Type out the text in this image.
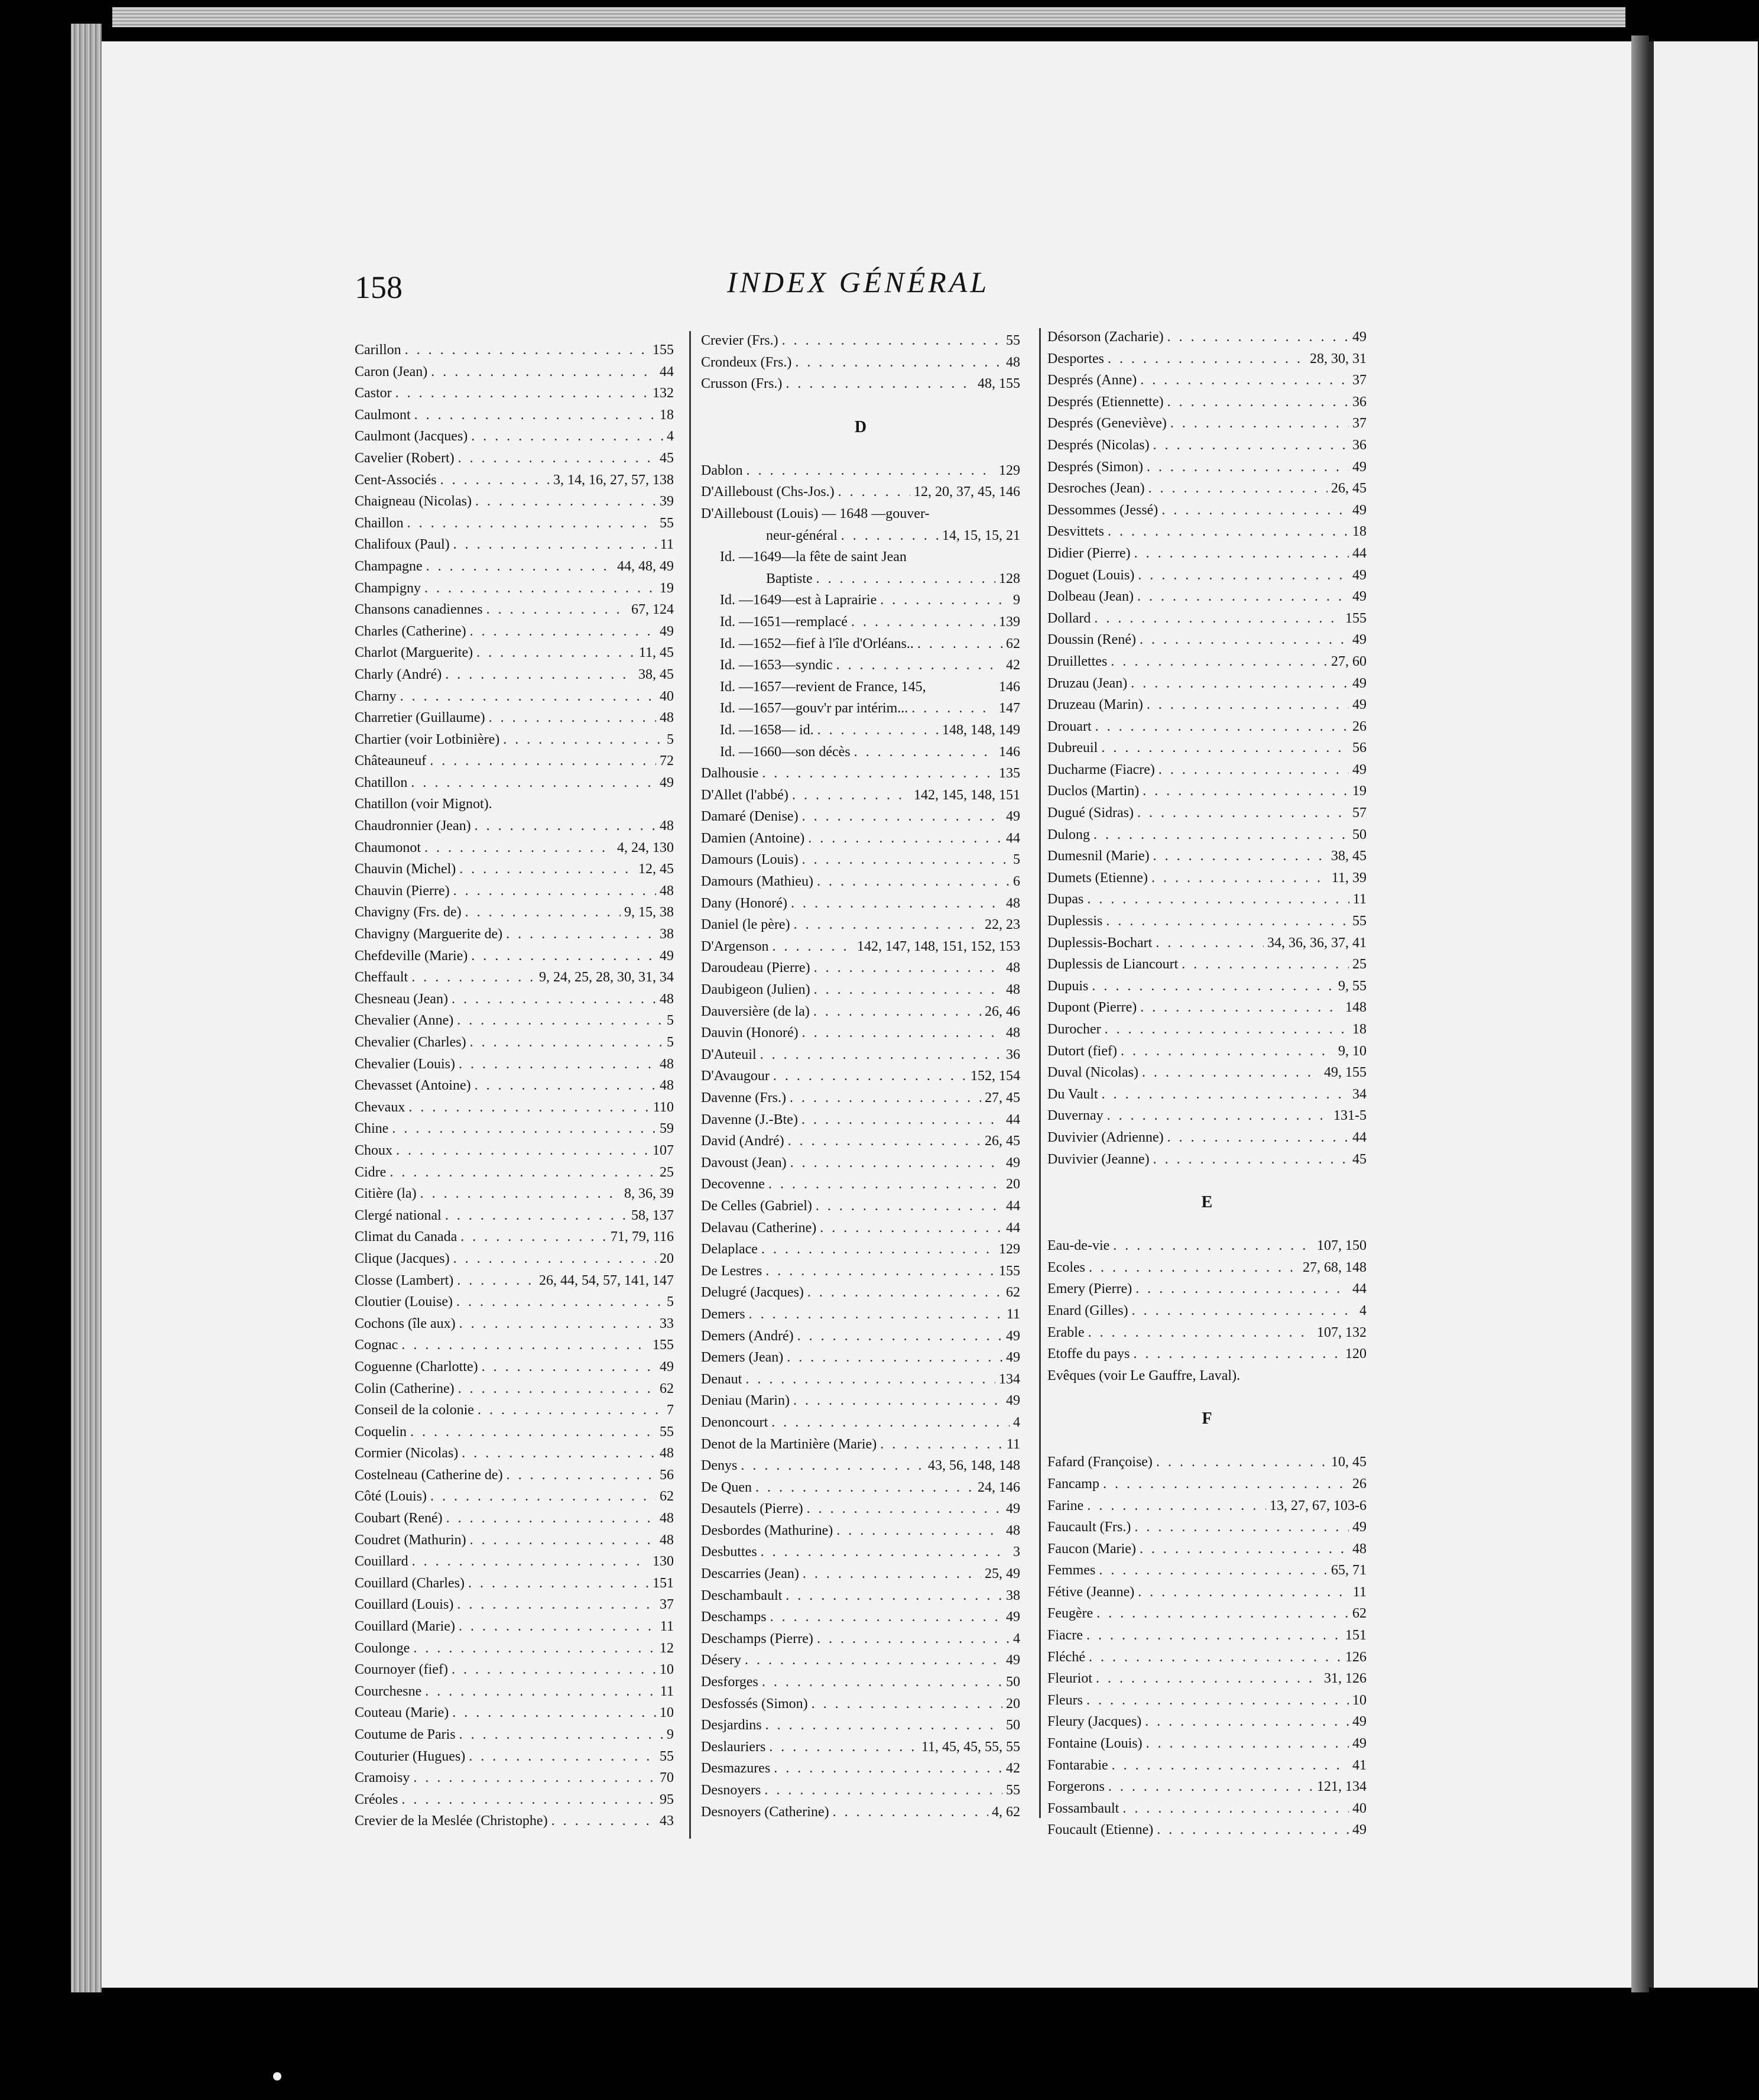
158	INDEX GÉNÉRAL
Carillon . . .	155
Caron (Jean) . . .	44
Castor . . .	132
Caulmont . . .	18
Caulmont (Jacques) . . .	4
Cavelier (Robert) . . .	45
Cent-Associés . . .	3, 14, 16, 27, 57, 138
Chaigneau (Nicolas) . . .	39
Chaillon . . .	55
Chalifoux (Paul) . . .	11
Champagne . . .	44, 48, 49
Champigny . . .	19
Chansons canadiennes . . .	67, 124
Charles (Catherine) . . .	49
Charlot (Marguerite) . . .	11, 45
Charly (André) . . .	38, 45
Charny . . .	40
Charretier (Guillaume) . . .	48
Chartier (voir Lotbinière) . . .	5
Châteauneuf . . .	72
Chatillon . . .	49
Chatillon (voir Mignot).
Chaudronnier (Jean) . . .	48
Chaumonot . . .	4, 24, 130
Chauvin (Michel) . . .	12, 45
Chauvin (Pierre) . . .	48
Chavigny (Frs. de) . . .	9, 15, 38
Chavigny (Marguerite de) . . .	38
Chefdeville (Marie) . . .	49
Cheffault . . .	9, 24, 25, 28, 30, 31, 34
Chesneau (Jean) . . .	48
Chevalier (Anne) . . .	5
Chevalier (Charles) . . .	5
Chevalier (Louis) . . .	48
Chevasset (Antoine) . . .	48
Chevaux . . .	110
Chine . . .	59
Choux . . .	107
Cidre . . .	25
Citière (la) . . .	8, 36, 39
Clergé national . . .	58, 137
Climat du Canada . . .	71, 79, 116
Clique (Jacques) . . .	20
Closse (Lambert) . . .	26, 44, 54, 57, 141, 147
Cloutier (Louise) . . .	5
Cochons (île aux) . . .	33
Cognac . . .	155
Coguenne (Charlotte) . . .	49
Colin (Catherine) . . .	62
Conseil de la colonie . . .	7
Coquelin . . .	55
Cormier (Nicolas) . . .	48
Costelneau (Catherine de) . . .	56
Côté (Louis) . . .	62
Coubart (René) . . .	48
Coudret (Mathurin) . . .	48
Couillard . . .	130
Couillard (Charles) . . .	151
Couillard (Louis) . . .	37
Couillard (Marie) . . .	11
Coulonge . . .	12
Cournoyer (fief) . . .	10
Courchesne . . .	11
Couteau (Marie) . . .	10
Coutume de Paris . . .	9
Couturier (Hugues) . . .	55
Cramoisy . . .	70
Créoles . . .	95
Crevier de la Meslée (Christophe) . . .	43
Crevier (Frs.) . . .	55
Crondeux (Frs.) . . .	48
Crusson (Frs.) . . .	48, 155
D
Dablon . . .	129
D'Ailleboust (Chs-Jos.) . . .	12, 20, 37, 45, 146
D'Ailleboust (Louis) — 1648 —gouver-
neur-général . . .	14, 15, 15, 21
Id. —1649—la fête de saint Jean
Baptiste . . .	128
Id. —1649—est à Laprairie . . .	9
Id. —1651—remplacé . . .	139
Id. —1652—fief à l'île d'Orléans.. . . .	62
Id. —1653—syndic . . .	42
Id. —1657—revient de France, 145,	146
Id. —1657—gouv'r par intérim... . . .	147
Id. —1658— id. . . .	148, 148, 149
Id. —1660—son décès . . .	146
Dalhousie . . .	135
D'Allet (l'abbé) . . .	142, 145, 148, 151
Damaré (Denise) . . .	49
Damien (Antoine) . . .	44
Damours (Louis) . . .	5
Damours (Mathieu) . . .	6
Dany (Honoré) . . .	48
Daniel (le père) . . .	22, 23
D'Argenson . . .	142, 147, 148, 151, 152, 153
Daroudeau (Pierre) . . .	48
Daubigeon (Julien) . . .	48
Dauversière (de la) . . .	26, 46
Dauvin (Honoré) . . .	48
D'Auteuil . . .	36
D'Avaugour . . .	152, 154
Davenne (Frs.) . . .	27, 45
Davenne (J.-Bte) . . .	44
David (André) . . .	26, 45
Davoust (Jean) . . .	49
Decovenne . . .	20
De Celles (Gabriel) . . .	44
Delavau (Catherine) . . .	44
Delaplace . . .	129
De Lestres . . .	155
Delugré (Jacques) . . .	62
Demers . . .	11
Demers (André) . . .	49
Demers (Jean) . . .	49
Denaut . . .	134
Deniau (Marin) . . .	49
Denoncourt . . .	4
Denot de la Martinière (Marie) . . .	11
Denys . . .	43, 56, 148, 148
De Quen . . .	24, 146
Desautels (Pierre) . . .	49
Desbordes (Mathurine) . . .	48
Desbuttes . . .	3
Descarries (Jean) . . .	25, 49
Deschambault . . .	38
Deschamps . . .	49
Deschamps (Pierre) . . .	4
Désery . . .	49
Desforges . . .	50
Desfossés (Simon) . . .	20
Desjardins . . .	50
Deslauriers . . .	11, 45, 45, 55, 55
Desmazures . . .	42
Desnoyers . . .	55
Desnoyers (Catherine) . . .	4, 62
Désorson (Zacharie) . . .	49
Desportes . . .	28, 30, 31
Després (Anne) . . .	37
Després (Etiennette) . . .	36
Després (Geneviève) . . .	37
Després (Nicolas) . . .	36
Després (Simon) . . .	49
Desroches (Jean) . . .	26, 45
Dessommes (Jessé) . . .	49
Desvittets . . .	18
Didier (Pierre) . . .	44
Doguet (Louis) . . .	49
Dolbeau (Jean) . . .	49
Dollard . . .	155
Doussin (René) . . .	49
Druillettes . . .	27, 60
Druzau (Jean) . . .	49
Druzeau (Marin) . . .	49
Drouart . . .	26
Dubreuil . . .	56
Ducharme (Fiacre) . . .	49
Duclos (Martin) . . .	19
Dugué (Sidras) . . .	57
Dulong . . .	50
Dumesnil (Marie) . . .	38, 45
Dumets (Etienne) . . .	11, 39
Dupas . . .	11
Duplessis . . .	55
Duplessis-Bochart . . .	34, 36, 36, 37, 41
Duplessis de Liancourt . . .	25
Dupuis . . .	9, 55
Dupont (Pierre) . . .	148
Durocher . . .	18
Dutort (fief) . . .	9, 10
Duval (Nicolas) . . .	49, 155
Du Vault . . .	34
Duvernay . . .	131-5
Duvivier (Adrienne) . . .	44
Duvivier (Jeanne) . . .	45
E
Eau-de-vie . . .	107, 150
Ecoles . . .	27, 68, 148
Emery (Pierre) . . .	44
Enard (Gilles) . . .	4
Erable . . .	107, 132
Etoffe du pays . . .	120
Evêques (voir Le Gauffre, Laval).
F
Fafard (Françoise) . . .	10, 45
Fancamp . . .	26
Farine . . .	13, 27, 67, 103-6
Faucault (Frs.) . . .	49
Faucon (Marie) . . .	48
Femmes . . .	65, 71
Fétive (Jeanne) . . .	11
Feugère . . .	62
Fiacre . . .	151
Fléché . . .	126
Fleuriot . . .	31, 126
Fleurs . . .	10
Fleury (Jacques) . . .	49
Fontaine (Louis) . . .	49
Fontarabie . . .	41
Forgerons . . .	121, 134
Fossambault . . .	40
Foucault (Etienne) . . .	49
